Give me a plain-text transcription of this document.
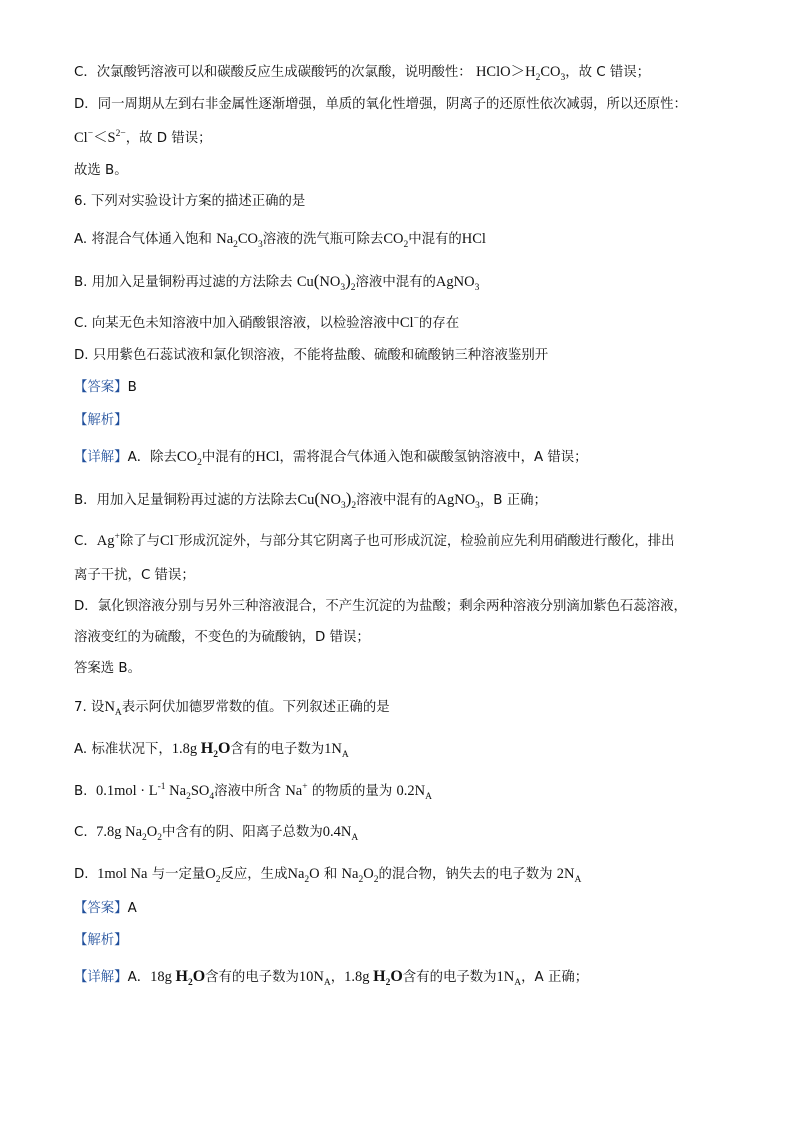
C．次氯酸钙溶液可以和碳酸反应生成碳酸钙的次氯酸，说明酸性： $HClO>H_2CO_3$，故 C 错误；
D．同一周期从左到右非金属性逐渐增强，单质的氧化性增强，阴离子的还原性依次减弱，所以还原性：
$Cl^-<S^{2-}$，故 D 错误；
故选 B。
6. 下列对实验设计方案的描述正确的是
A. 将混合气体通入饱和 $Na_2CO_3$溶液的洗气瓶可除去$CO_2$中混有的HCl
B. 用加入足量铜粉再过滤的方法除去 $Cu(NO_3)_2$溶液中混有的AgNO$_3$
C. 向某无色未知溶液中加入硝酸银溶液，以检验溶液中Cl−的存在
D. 只用紫色石蕊试液和氯化钡溶液，不能将盐酸、硫酸和硫酸钠三种溶液鉴别开
【答案】B
【解析】
【详解】A．除去$CO_2$中混有的HCl，需将混合气体通入饱和碳酸氢钠溶液中，A 错误；
B．用加入足量铜粉再过滤的方法除去$Cu(NO_3)_2$溶液中混有的AgNO$_3$，B 正确；
C．Ag+除了与Cl−形成沉淀外，与部分其它阴离子也可形成沉淀，检验前应先利用硝酸进行酸化，排出
离子干扰，C 错误；
D．氯化钡溶液分别与另外三种溶液混合，不产生沉淀的为盐酸；剩余两种溶液分别滴加紫色石蕊溶液，
溶液变红的为硫酸，不变色的为硫酸钠，D 错误；
答案选 B。
7. 设$N_A$表示阿伏加德罗常数的值。下列叙述正确的是
A. 标准状况下，1.8g $H_2O$含有的电子数为$1N_A$
B.  $0.1mol \cdot L^{-1}$ $Na_2SO_4$溶液中所含 Na+ 的物质的量为 $0.2N_A$
C.  7.8g $Na_2O_2$中含有的阴、阳离子总数为$0.4N_A$
D. 1mol Na 与一定量$O_2$反应，生成$Na_2O$ 和 $Na_2O_2$的混合物，钠失去的电子数为 $2N_A$
【答案】A
【解析】
【详解】A．18g $H_2O$含有的电子数为$10N_A$，1.8g $H_2O$含有的电子数为$1N_A$，A 正确；
